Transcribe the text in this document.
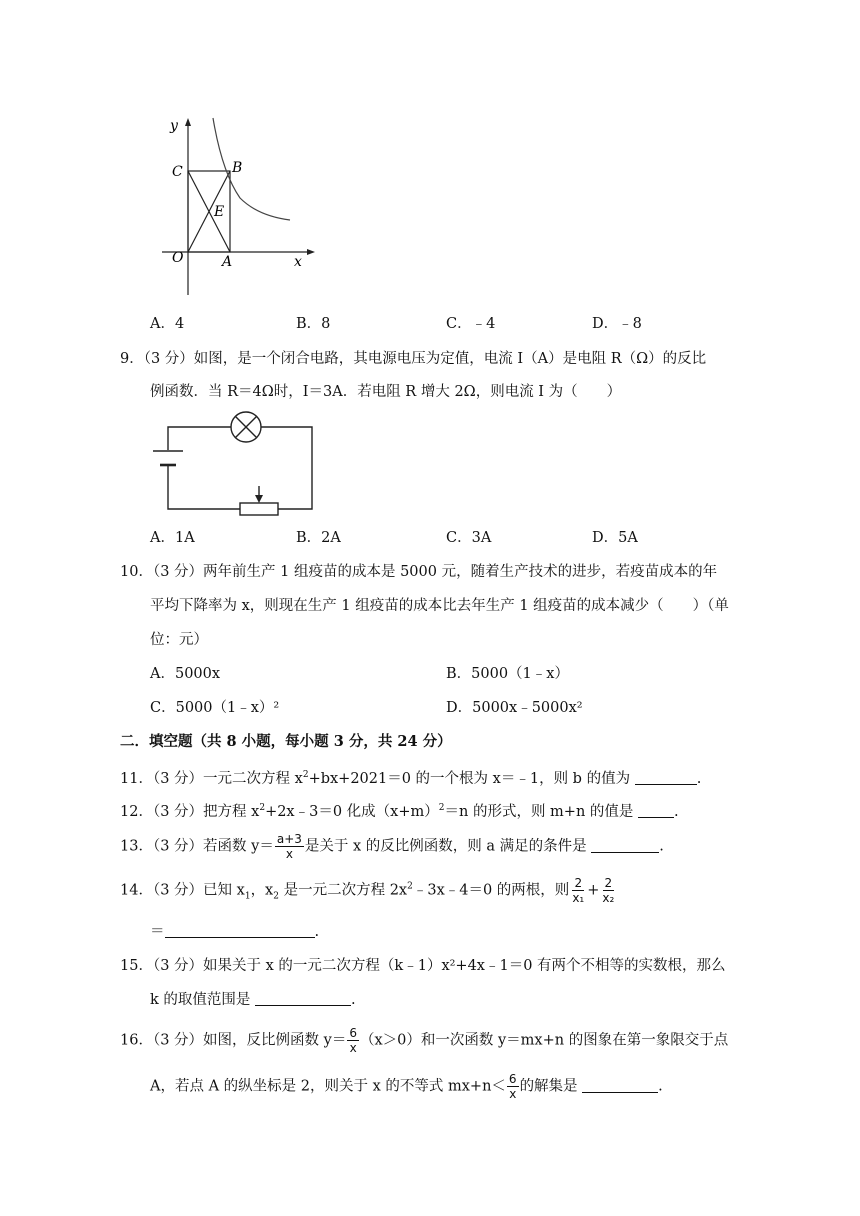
y
C	B
E
O	A	x
A．4	B．8	C．﹣4	D．﹣8
9．（3 分）如图，是一个闭合电路，其电源电压为定值，电流 I（A）是电阻 R（Ω）的反比
例函数．当 R＝4Ω时，I＝3A．若电阻 R 增大 2Ω，则电流 I 为（　　）
A．1A	B．2A	C．3A	D．5A
10．（3 分）两年前生产 1 组疫苗的成本是 5000 元，随着生产技术的进步，若疫苗成本的年
平均下降率为 x，则现在生产 1 组疫苗的成本比去年生产 1 组疫苗的成本减少（　　）（单
位：元）
A．5000x	B．5000（1﹣x）
C．5000（1﹣x）²	D．5000x﹣5000x²
二．填空题（共 8 小题，每小题 3 分，共 24 分）
11．（3 分）一元二次方程 $x^2+bx+2021=0$ 的一个根为 x＝﹣1，则 b 的值为	.
12．（3 分）把方程 $x^2+2x﹣3=0$ 化成$(x+m)^2=n$ 的形式，则 m+n 的值是 .
13．（3 分）若函数 $y= \frac{a+3}{x}$ 是关于 x 的反比例函数，则 a 满足的条件是	.
14．（3 分）已知 $x_1$，$x_2$ 是一元二次方程 $2x^2﹣3x﹣4=0$ 的两根，则 $\frac{2}{\text{x₁}} + \frac{2}{\text{x₂}}$
＝	.
15．（3 分）如果关于 x 的一元二次方程（k﹣1）x²+4x﹣1＝0 有两个不相等的实数根，那么
k 的取值范围是	.
16．（3 分）如图，反比例函数 $y= \frac{6}{x} (x>0)$和一次函数 y＝mx+n 的图象在第一象限交于点
A，若点 A 的纵坐标是 2，则关于 x 的不等式 $mx+n< \frac{6}{x}$ 的解集是	.
